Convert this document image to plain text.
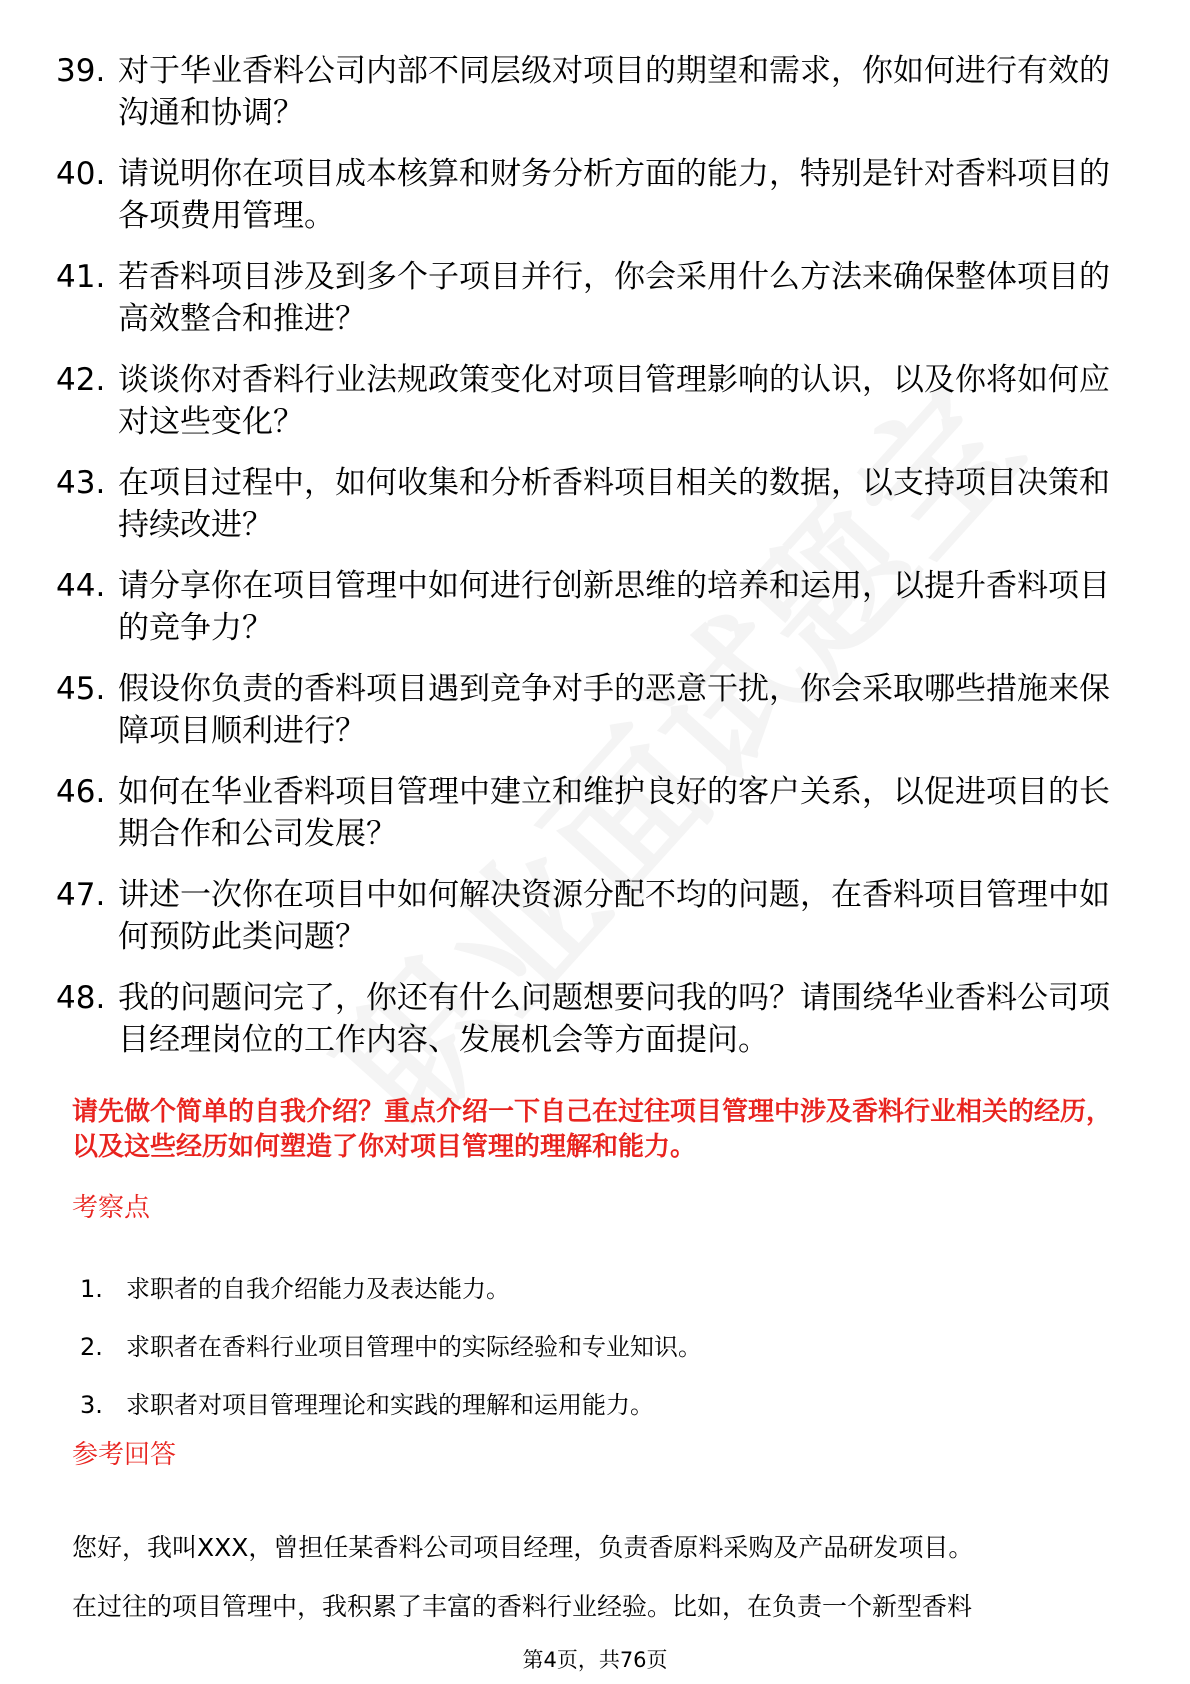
39. 对于华业香料公司内部不同层级对项目的期望和需求，你如何进行有效的沟通和协调？
40. 请说明你在项目成本核算和财务分析方面的能力，特别是针对香料项目的各项费用管理。
41. 若香料项目涉及到多个子项目并行，你会采用什么方法来确保整体项目的高效整合和推进？
42. 谈谈你对香料行业法规政策变化对项目管理影响的认识，以及你将如何应对这些变化？
43. 在项目过程中，如何收集和分析香料项目相关的数据，以支持项目决策和持续改进？
44. 请分享你在项目管理中如何进行创新思维的培养和运用，以提升香料项目的竞争力？
45. 假设你负责的香料项目遇到竞争对手的恶意干扰，你会采取哪些措施来保障项目顺利进行？
46. 如何在华业香料项目管理中建立和维护良好的客户关系，以促进项目的长期合作和公司发展？
47. 讲述一次你在项目中如何解决资源分配不均的问题，在香料项目管理中如何预防此类问题？
48. 我的问题问完了，你还有什么问题想要问我的吗？请围绕华业香料公司项目经理岗位的工作内容、发展机会等方面提问。
请先做个简单的自我介绍？重点介绍一下自己在过往项目管理中涉及香料行业相关的经历，以及这些经历如何塑造了你对项目管理的理解和能力。
考察点
1. 求职者的自我介绍能力及表达能力。
2. 求职者在香料行业项目管理中的实际经验和专业知识。
3. 求职者对项目管理理论和实践的理解和运用能力。
参考回答

您好，我叫XXX，曾担任某香料公司项目经理，负责香原料采购及产品研发项目。

在过往的项目管理中，我积累了丰富的香料行业经验。比如，在负责一个新型香料

第4页，共76页
